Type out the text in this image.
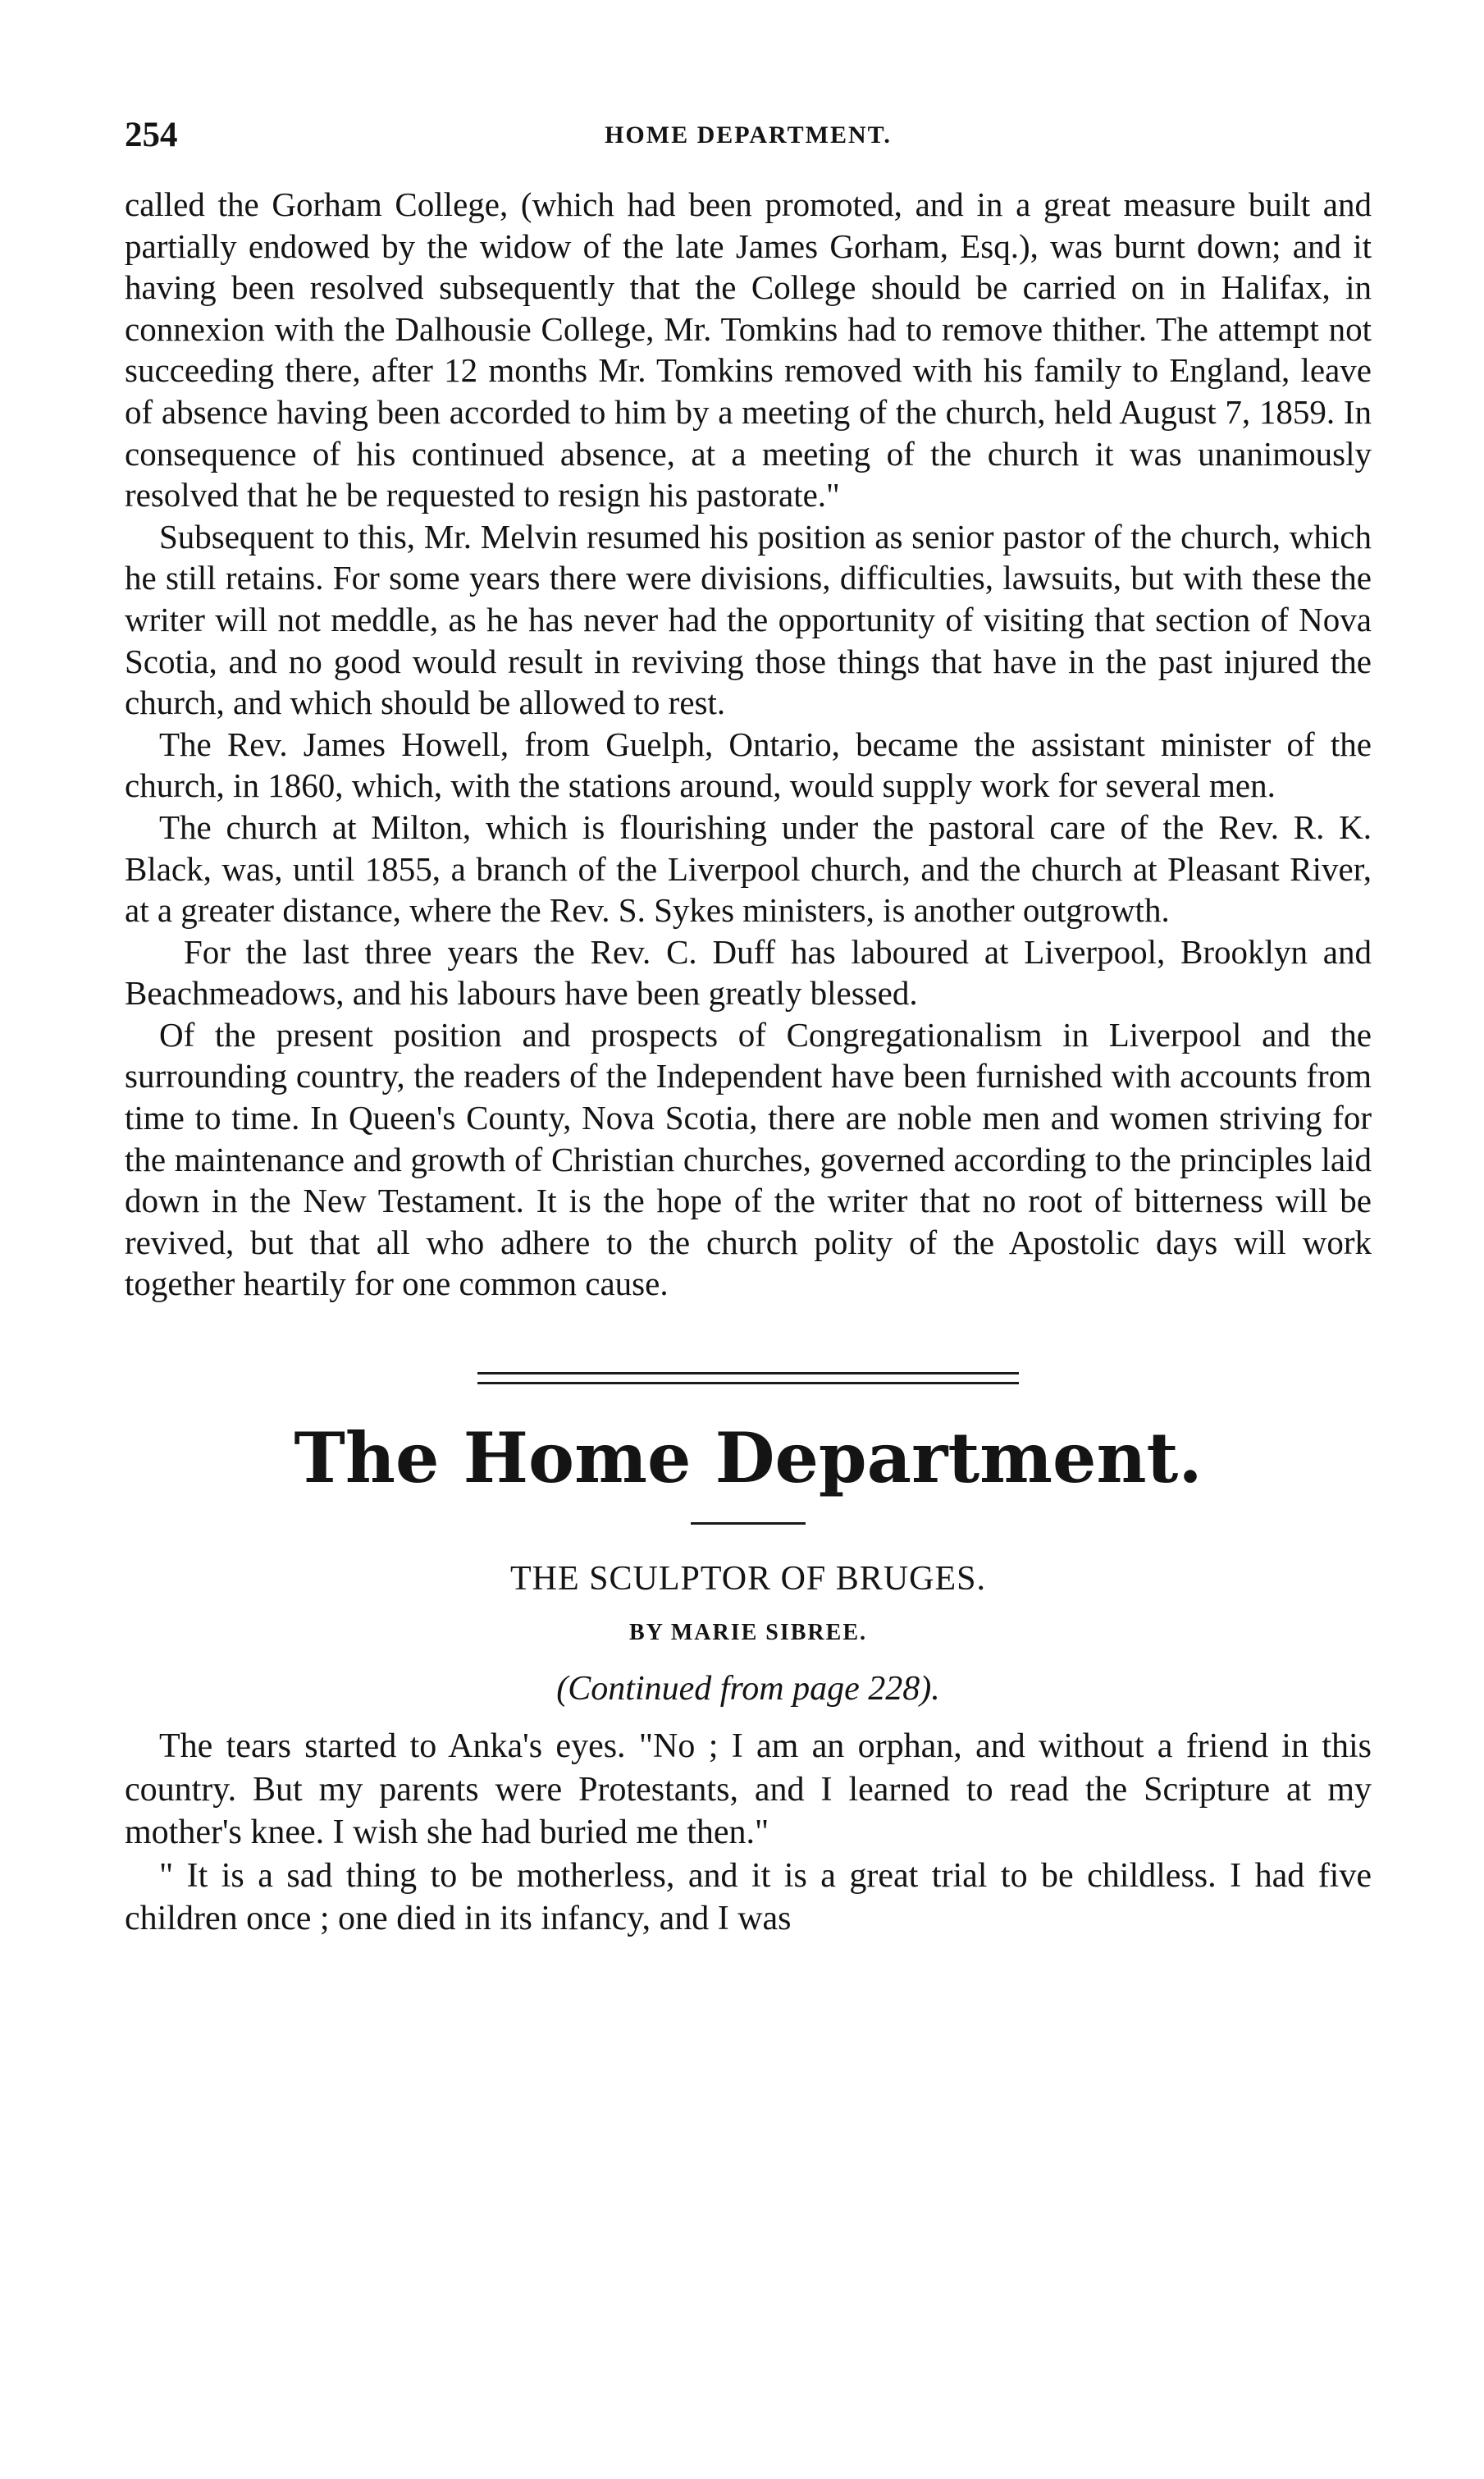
254	HOME DEPARTMENT.

called the Gorham College, (which had been promoted, and in a great measure built and partially endowed by the widow of the late James Gorham, Esq.), was burnt down; and it having been resolved subsequently that the College should be carried on in Halifax, in connexion with the Dalhousie College, Mr. Tomkins had to remove thither. The attempt not succeeding there, after 12 months Mr. Tomkins removed with his family to England, leave of absence having been accorded to him by a meeting of the church, held August 7, 1859. In consequence of his continued absence, at a meeting of the church it was unanimously resolved that he be requested to resign his pastorate."

Subsequent to this, Mr. Melvin resumed his position as senior pastor of the church, which he still retains. For some years there were divisions, difficulties, lawsuits, but with these the writer will not meddle, as he has never had the opportunity of visiting that section of Nova Scotia, and no good would result in reviving those things that have in the past injured the church, and which should be allowed to rest.

The Rev. James Howell, from Guelph, Ontario, became the assistant minister of the church, in 1860, which, with the stations around, would supply work for several men.

The church at Milton, which is flourishing under the pastoral care of the Rev. R. K. Black, was, until 1855, a branch of the Liverpool church, and the church at Pleasant River, at a greater distance, where the Rev. S. Sykes ministers, is another outgrowth.

For the last three years the Rev. C. Duff has laboured at Liverpool, Brooklyn and Beachmeadows, and his labours have been greatly blessed.

Of the present position and prospects of Congregationalism in Liverpool and the surrounding country, the readers of the Independent have been furnished with accounts from time to time. In Queen's County, Nova Scotia, there are noble men and women striving for the maintenance and growth of Christian churches, governed according to the principles laid down in the New Testament. It is the hope of the writer that no root of bitterness will be revived, but that all who adhere to the church polity of the Apostolic days will work together heartily for one common cause.

The Home Department.
THE SCULPTOR OF BRUGES.
BY MARIE SIBREE.
(Continued from page 228).

The tears started to Anka's eyes. "No ; I am an orphan, and without a friend in this country. But my parents were Protestants, and I learned to read the Scripture at my mother's knee. I wish she had buried me then."

" It is a sad thing to be motherless, and it is a great trial to be childless. I had five children once ; one died in its infancy, and I was
